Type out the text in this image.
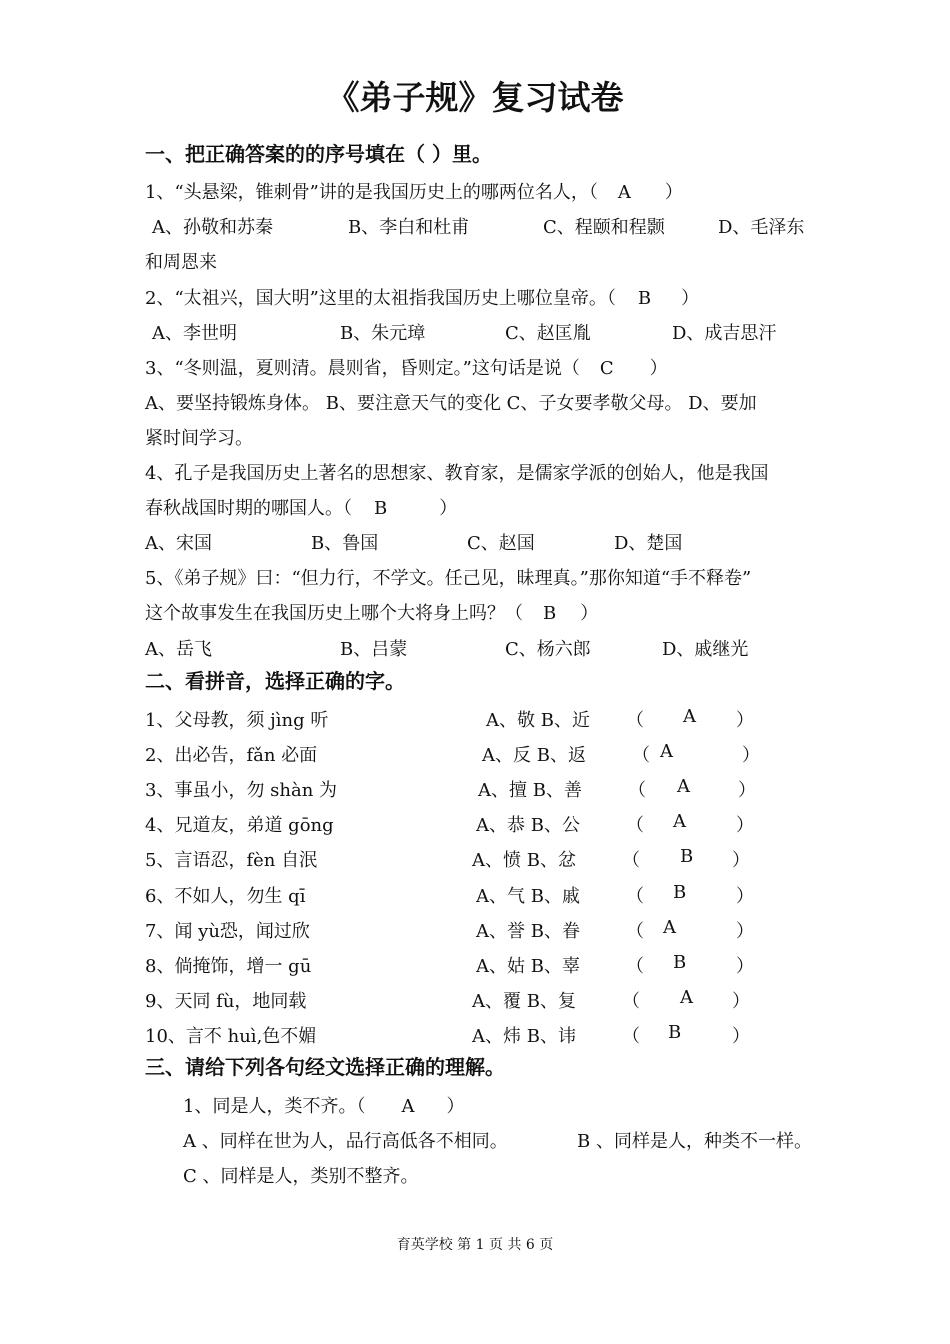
《弟子规》复习试卷
一、把正确答案的的序号填在（ ）里。
1、“头悬梁，锥刺骨”讲的是我国历史上的哪两位名人，（ A ）
A、孙敬和苏秦	B、李白和杜甫	C、程颐和程颢	D、毛泽东
和周恩来
2、“太祖兴，国大明”这里的太祖指我国历史上哪位皇帝。（ B ）
A、李世明	B、朱元璋	C、赵匡胤	D、成吉思汗
3、“冬则温，夏则清。晨则省，昏则定。”这句话是说（ C ）
A、要坚持锻炼身体。 B、要注意天气的变化 C、子女要孝敬父母。 D、要加
紧时间学习。
4、孔子是我国历史上著名的思想家、教育家，是儒家学派的创始人，他是我国
春秋战国时期的哪国人。（ B	）
A、宋国	B、鲁国	C、赵国	D、楚国
5、《弟子规》曰：“但力行，不学文。任己见，昧理真。”那你知道“手不释卷”
这个故事发生在我国历史上哪个大将身上吗？（ B ）
A、岳飞	B、吕蒙	C、杨六郎	D、戚继光
二、看拼音，选择正确的字。
1、父母教，须 jìng 听	A、敬 B、近 （ A ）
2、出必告，fǎn 必面	A、反 B、返	（ A	）
3、事虽小，勿 shàn 为	A、擅 B、善	（ A	）
4、兄道友，弟道 gōng	A、恭 B、公	（ A	）
5、言语忍，fèn 自泯	A、愤 B、忿	（ B ）
6、不如人，勿生 qī	A、气 B、戚	（ B	）
7、闻 yù恐，闻过欣	A、誉 B、眷	（ A	）
8、倘掩饰，增一 gū	A、姑 B、辜	（ B	）
9、天同 fù，地同载	A、覆 B、复	（ A ）
10、言不 huì,色不媚	A、炜 B、讳	（ B	）
三、请给下列各句经文选择正确的理解。
1、同是人，类不齐。（ A ）
A 、同样在世为人，品行高低各不相同。	B 、同样是人，种类不一样。
C 、同样是人，类别不整齐。
育英学校 第 1 页 共 6 页
